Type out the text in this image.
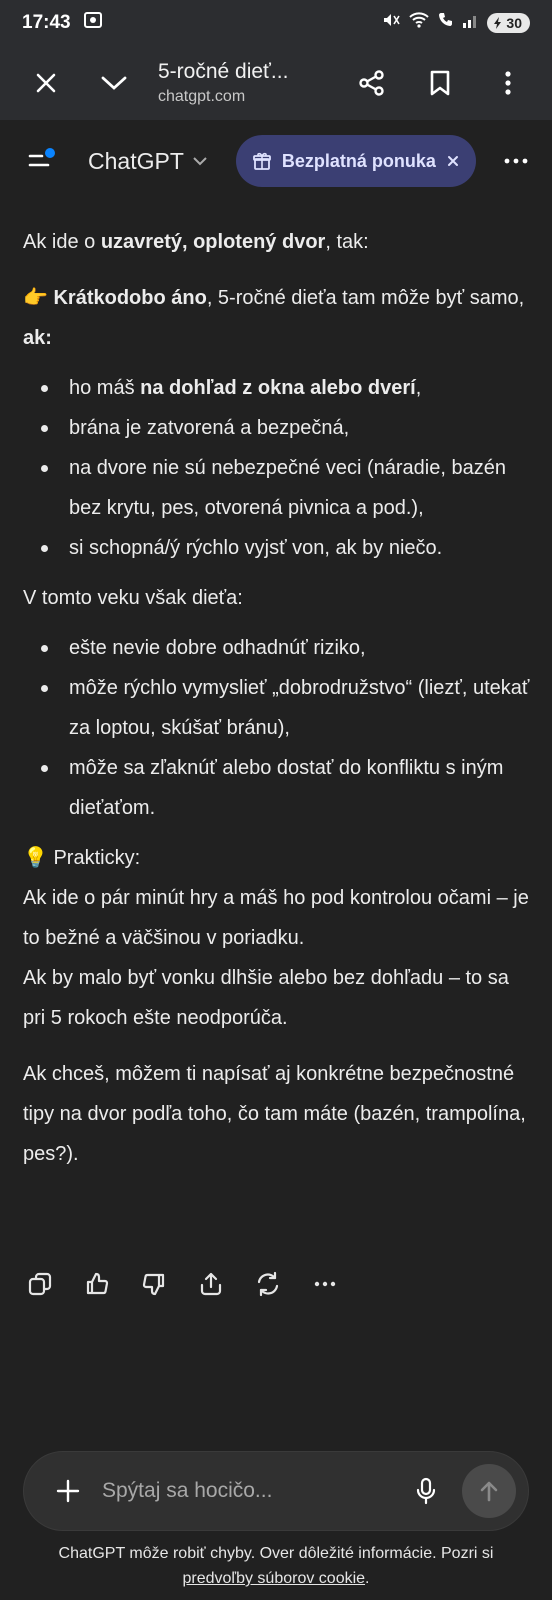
17:43	30
5-ročné dieť...
chatgpt.com
ChatGPT	Bezplatná ponuka

Ak ide o uzavretý, oplotený dvor, tak:

👉 Krátkodobo áno, 5-ročné dieťa tam môže byť samo, ak:

ho máš na dohľad z okna alebo dverí,
brána je zatvorená a bezpečná,
na dvore nie sú nebezpečné veci (náradie, bazén bez krytu, pes, otvorená pivnica a pod.),
si schopná/ý rýchlo vyjsť von, ak by niečo.

V tomto veku však dieťa:

ešte nevie dobre odhadnúť riziko,
môže rýchlo vymyslieť „dobrodružstvo“ (liezť, utekať za loptou, skúšať bránu),
môže sa zľaknúť alebo dostať do konfliktu s iným dieťaťom.

💡 Prakticky:

Ak ide o pár minút hry a máš ho pod kontrolou očami – je to bežné a väčšinou v poriadku.

Ak by malo byť vonku dlhšie alebo bez dohľadu – to sa pri 5 rokoch ešte neodporúča.

Ak chceš, môžem ti napísať aj konkrétne bezpečnostné tipy na dvor podľa toho, čo tam máte (bazén, trampolína, pes?).

Spýtaj sa hocičo...
ChatGPT môže robiť chyby. Over dôležité informácie. Pozri si
predvoľby súborov cookie.
